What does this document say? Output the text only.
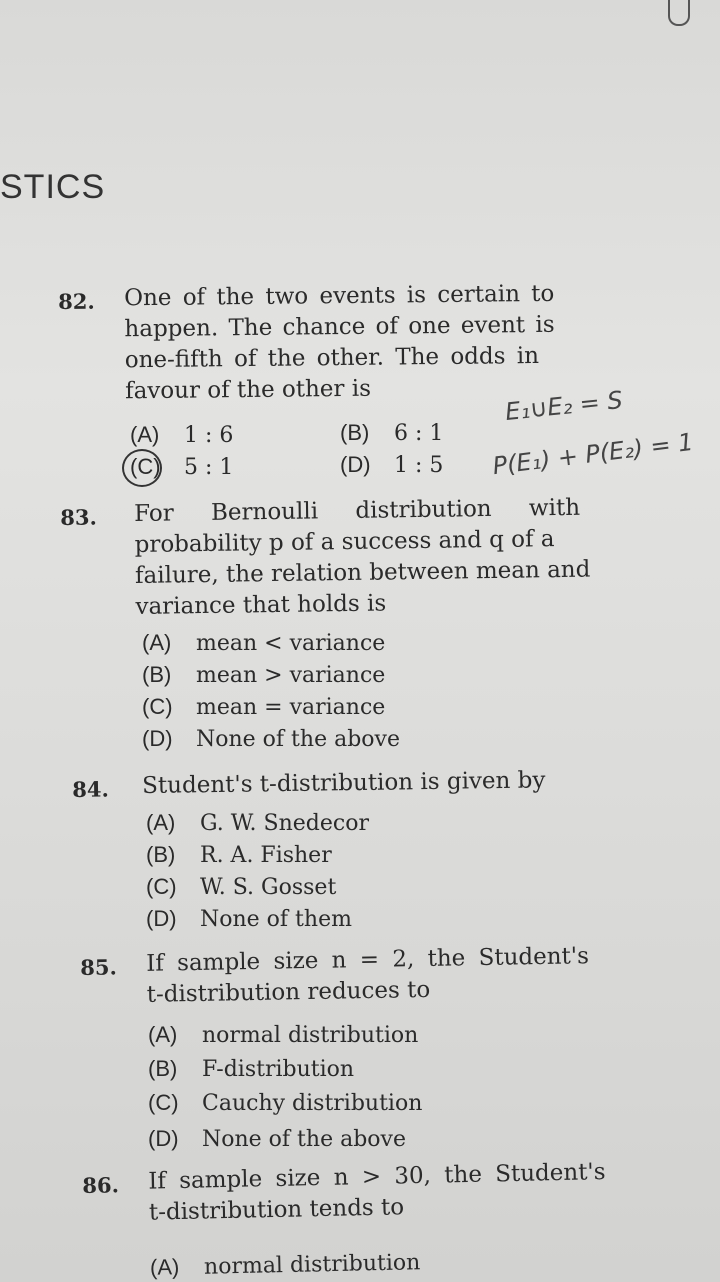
STICS
82. One of the two events is certain to
happen. The chance of one event is
one-fifth of the other. The odds in
favour of the other is
(A) 1 : 6	(B) 6 : 1
(C) 5 : 1	(D) 1 : 5
E₁∪E₂ = S
P(E₁) + P(E₂) = 1
83. For Bernoulli distribution with
probability p of a success and q of a
failure, the relation between mean and
variance that holds is
(A) mean < variance
(B) mean > variance
(C) mean = variance
(D) None of the above
84. Student's t-distribution is given by
(A) G. W. Snedecor
(B) R. A. Fisher
(C) W. S. Gosset
(D) None of them
85. If sample size n = 2, the Student's
t-distribution reduces to
(A) normal distribution
(B) F-distribution
(C) Cauchy distribution
(D) None of the above
86. If sample size n > 30, the Student's
t-distribution tends to
(A) normal distribution
